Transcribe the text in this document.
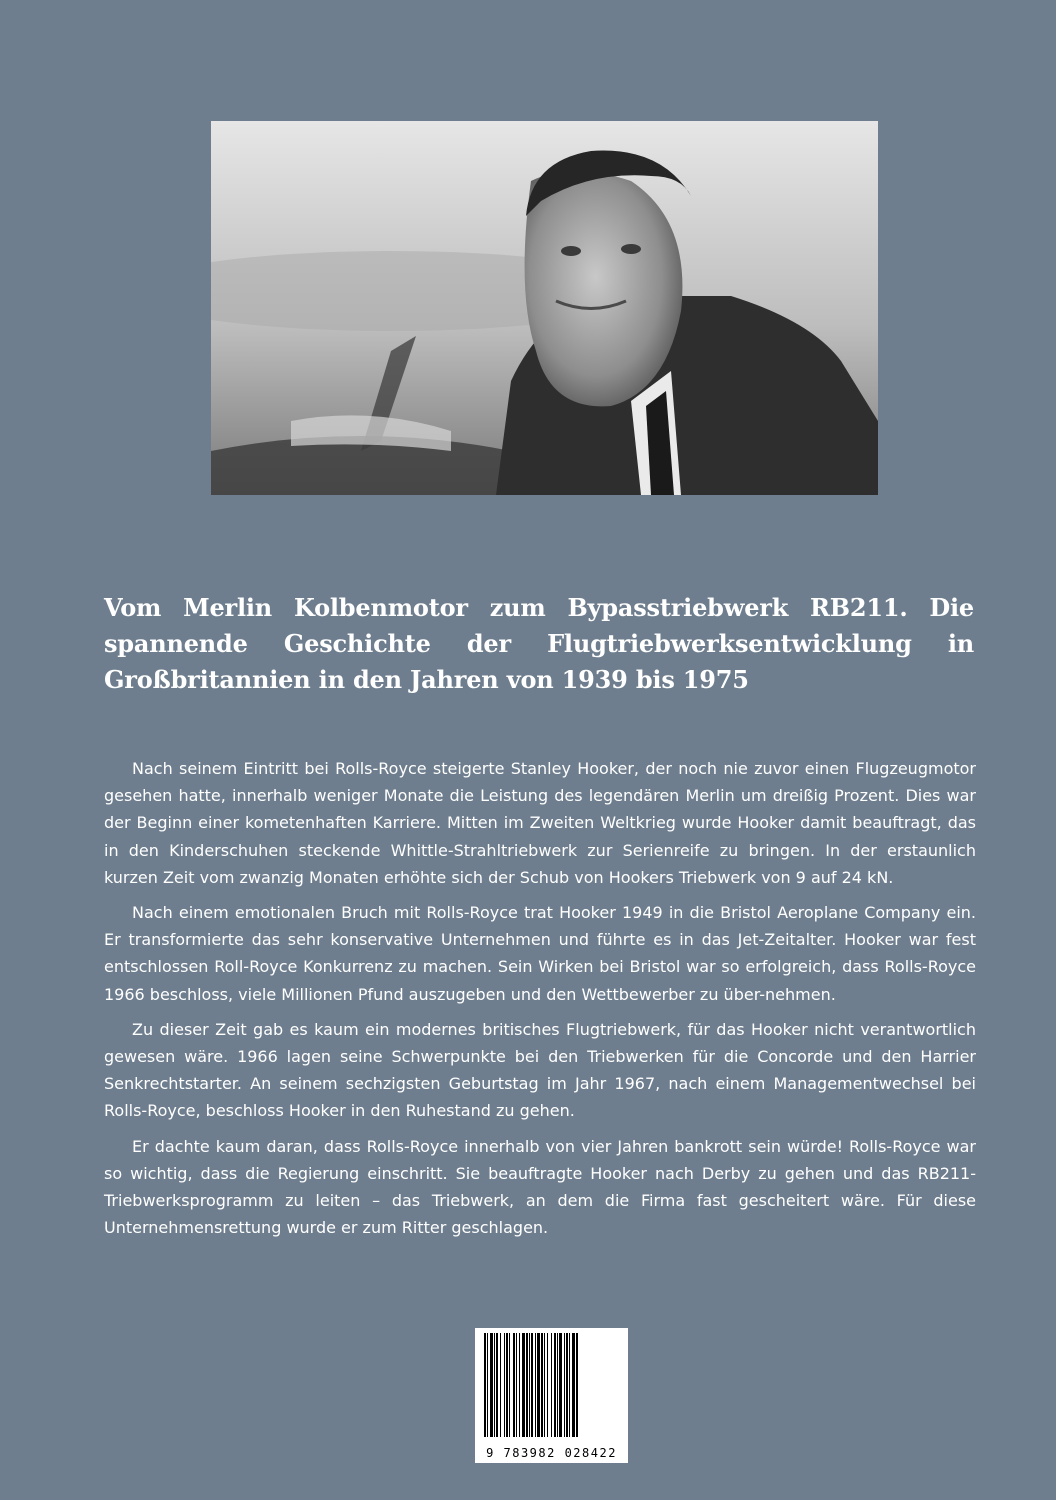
Vom Merlin Kolbenmotor zum Bypasstriebwerk RB211. Die spannende Geschichte der Flugtriebwerksentwicklung in Großbritannien in den Jahren von 1939 bis 1975

Nach seinem Eintritt bei Rolls-Royce steigerte Stanley Hooker, der noch nie zuvor einen Flugzeugmotor gesehen hatte, innerhalb weniger Monate die Leistung des legendären Merlin um dreißig Prozent. Dies war der Beginn einer kometenhaften Karriere. Mitten im Zweiten Weltkrieg wurde Hooker damit beauftragt, das in den Kinderschuhen steckende Whittle-Strahltriebwerk zur Serienreife zu bringen. In der erstaunlich kurzen Zeit vom zwanzig Monaten erhöhte sich der Schub von Hookers Triebwerk von 9 auf 24 kN.

Nach einem emotionalen Bruch mit Rolls-Royce trat Hooker 1949 in die Bristol Aeroplane Company ein. Er transformierte das sehr konservative Unternehmen und führte es in das Jet-Zeitalter. Hooker war fest entschlossen Roll-Royce Konkurrenz zu machen. Sein Wirken bei Bristol war so erfolgreich, dass Rolls-Royce 1966 beschloss, viele Millionen Pfund auszugeben und den Wettbewerber zu über-nehmen.

Zu dieser Zeit gab es kaum ein modernes britisches Flugtriebwerk, für das Hooker nicht verantwortlich gewesen wäre. 1966 lagen seine Schwerpunkte bei den Triebwerken für die Concorde und den Harrier Senkrechtstarter. An seinem sechzigsten Geburtstag im Jahr 1967, nach einem Managementwechsel bei Rolls-Royce, beschloss Hooker in den Ruhestand zu gehen.

Er dachte kaum daran, dass Rolls-Royce innerhalb von vier Jahren bankrott sein würde! Rolls-Royce war so wichtig, dass die Regierung einschritt. Sie beauftragte Hooker nach Derby zu gehen und das RB211-Triebwerksprogramm zu leiten – das Triebwerk, an dem die Firma fast gescheitert wäre. Für diese Unternehmensrettung wurde er zum Ritter geschlagen.

9 783982 028422
